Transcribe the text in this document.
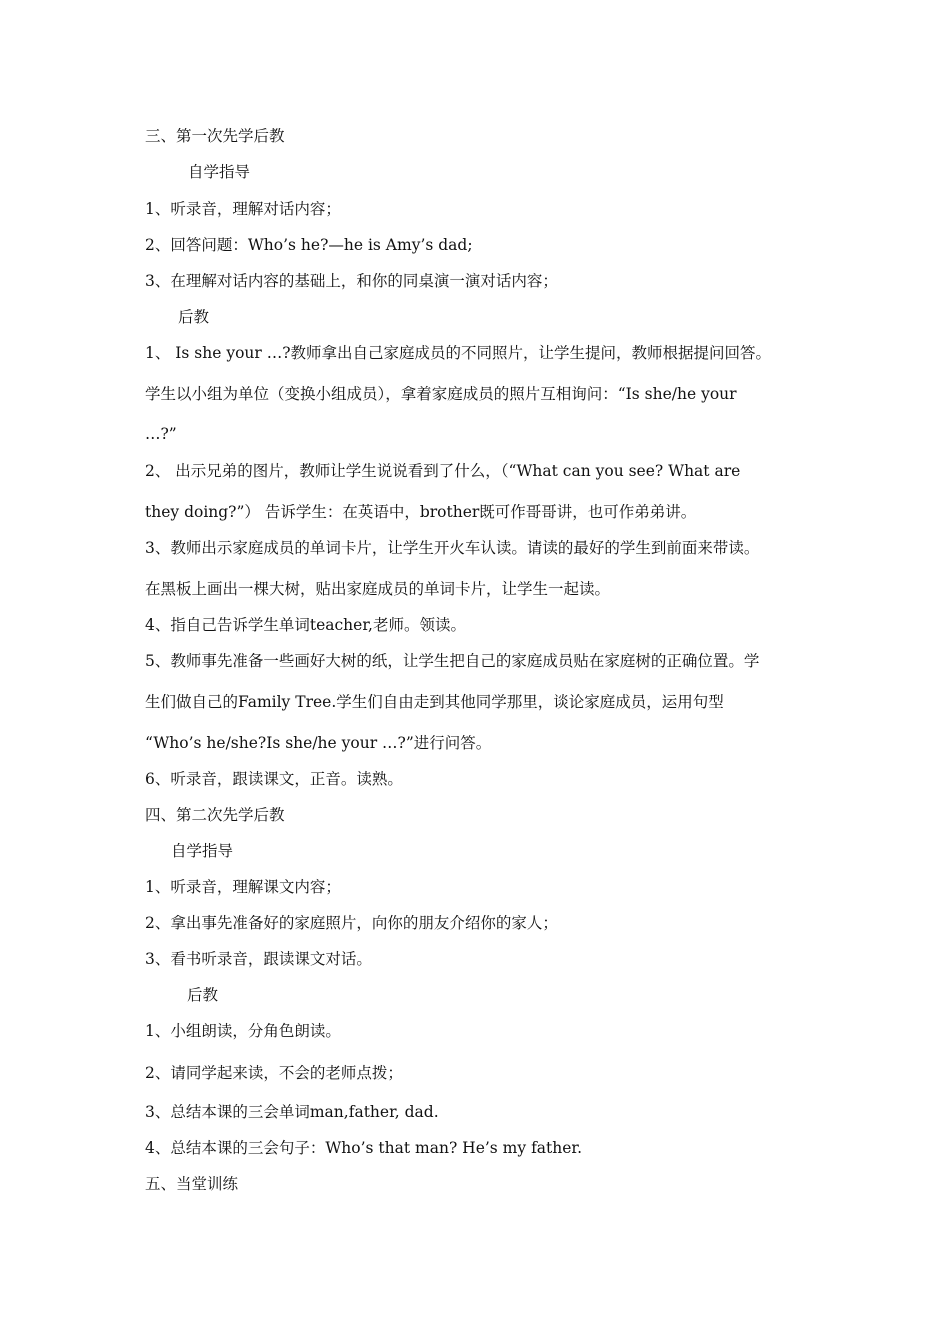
三、第一次先学后教
自学指导
1、听录音，理解对话内容；
2、回答问题：Who’s he?—he is Amy’s dad;
3、在理解对话内容的基础上，和你的同桌演一演对话内容；
后教
1、 Is she your …?教师拿出自己家庭成员的不同照片，让学生提问，教师根据提问回答。
学生以小组为单位（变换小组成员），拿着家庭成员的照片互相询问：“Is she/he your
…?”
2、 出示兄弟的图片，教师让学生说说看到了什么，（“What can you see? What are
they doing?”） 告诉学生：在英语中，brother既可作哥哥讲，也可作弟弟讲。
3、教师出示家庭成员的单词卡片，让学生开火车认读。请读的最好的学生到前面来带读。
在黑板上画出一棵大树，贴出家庭成员的单词卡片，让学生一起读。
4、指自己告诉学生单词teacher,老师。领读。
5、教师事先准备一些画好大树的纸，让学生把自己的家庭成员贴在家庭树的正确位置。学
生们做自己的Family Tree.学生们自由走到其他同学那里，谈论家庭成员，运用句型
“Who’s he/she?Is she/he your …?”进行问答。
6、听录音，跟读课文，正音。读熟。
四、第二次先学后教
自学指导
1、听录音，理解课文内容；
2、拿出事先准备好的家庭照片，向你的朋友介绍你的家人；
3、看书听录音，跟读课文对话。
后教
1、小组朗读，分角色朗读。
2、请同学起来读，不会的老师点拨；
3、总结本课的三会单词man,father, dad.
4、总结本课的三会句子：Who’s that man? He’s my father.
五、当堂训练
